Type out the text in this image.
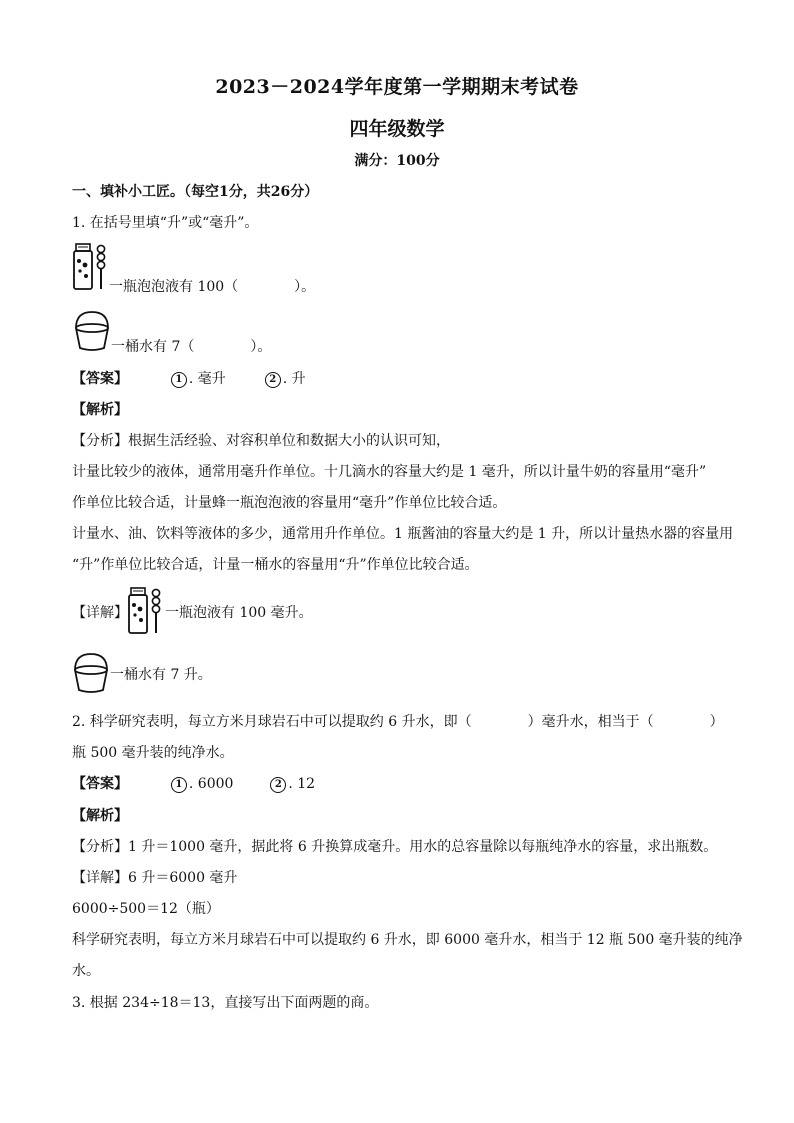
2023－2024学年度第一学期期末考试卷
四年级数学
满分：100分
一、填补小工匠。（每空1分，共26分）
1. 在括号里填“升”或“毫升”。
一瓶泡泡液有 100（　　　　）。
一桶水有 7（　　　　）。
【答案】	1 . 毫升	2 . 升
【解析】
【分析】根据生活经验、对容积单位和数据大小的认识可知，
计量比较少的液体，通常用毫升作单位。十几滴水的容量大约是 1 毫升，所以计量牛奶的容量用“毫升”
作单位比较合适，计量蜂一瓶泡泡液的容量用“毫升”作单位比较合适。
计量水、油、饮料等液体的多少，通常用升作单位。1 瓶酱油的容量大约是 1 升，所以计量热水器的容量用
“升”作单位比较合适，计量一桶水的容量用“升”作单位比较合适。
【详解】	一瓶泡液有 100 毫升。
一桶水有 7 升。
2. 科学研究表明，每立方米月球岩石中可以提取约 6 升水，即（　　　　）毫升水，相当于（　　　　）
瓶 500 毫升装的纯净水。
【答案】	1 . 6000	2 . 12
【解析】
【分析】1 升＝1000 毫升，据此将 6 升换算成毫升。用水的总容量除以每瓶纯净水的容量，求出瓶数。
【详解】6 升＝6000 毫升
6000÷500＝12（瓶）
科学研究表明，每立方米月球岩石中可以提取约 6 升水，即 6000 毫升水，相当于 12 瓶 500 毫升装的纯净
水。
3. 根据 234÷18＝13，直接写出下面两题的商。
